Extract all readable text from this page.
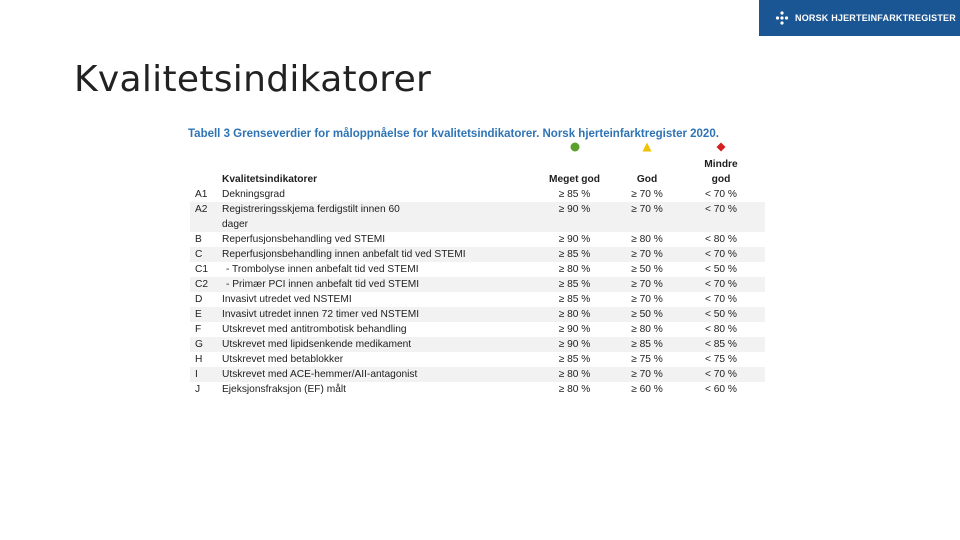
NORSK HJERTEINFARKTREGISTER
Kvalitetsindikatorer
Tabell 3 Grenseverdier for måloppnåelse for kvalitetsindikatorer. Norsk hjerteinfarktregister 2020.

	Kvalitetsindikatorer	Meget god	God	Mindre
god
A1	Dekningsgrad	≥ 85 %	≥ 70 %	< 70 %
A2	Registreringsskjema ferdigstilt innen 60
dager	≥ 90 %	≥ 70 %	< 70 %
B	Reperfusjonsbehandling ved STEMI	≥ 90 %	≥ 80 %	< 80 %
C	Reperfusjonsbehandling innen anbefalt tid ved STEMI	≥ 85 %	≥ 70 %	< 70 %
C1	- Trombolyse innen anbefalt tid ved STEMI	≥ 80 %	≥ 50 %	< 50 %
C2	- Primær PCI innen anbefalt tid ved STEMI	≥ 85 %	≥ 70 %	< 70 %
D	Invasivt utredet ved NSTEMI	≥ 85 %	≥ 70 %	< 70 %
E	Invasivt utredet innen 72 timer ved NSTEMI	≥ 80 %	≥ 50 %	< 50 %
F	Utskrevet med antitrombotisk behandling	≥ 90 %	≥ 80 %	< 80 %
G	Utskrevet med lipidsenkende medikament	≥ 90 %	≥ 85 %	< 85 %
H	Utskrevet med betablokker	≥ 85 %	≥ 75 %	< 75 %
I	Utskrevet med ACE-hemmer/AII-antagonist	≥ 80 %	≥ 70 %	< 70 %
J	Ejeksjonsfraksjon (EF) målt	≥ 80 %	≥ 60 %	< 60 %
